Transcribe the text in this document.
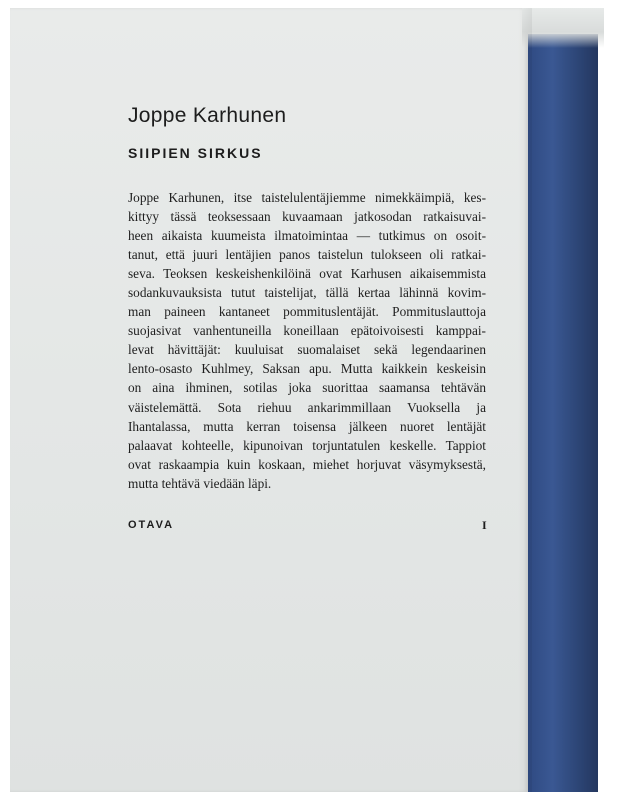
Joppe Karhunen
SIIPIEN SIRKUS
Joppe Karhunen, itse taistelulentäjiemme nimekkäimpiä, kes-
kittyy tässä teoksessaan kuvaamaan jatkosodan ratkaisuvai-
heen aikaista kuumeista ilmatoimintaa — tutkimus on osoit-
tanut, että juuri lentäjien panos taistelun tulokseen oli ratkai-
seva. Teoksen keskeishenkilöinä ovat Karhusen aikaisemmista
sodankuvauksista tutut taistelijat, tällä kertaa lähinnä kovim-
man paineen kantaneet pommituslentäjät. Pommituslauttoja
suojasivat vanhentuneilla koneillaan epätoivoisesti kamppai-
levat hävittäjät: kuuluisat suomalaiset sekä legendaarinen
lento-osasto Kuhlmey, Saksan apu. Mutta kaikkein keskeisin
on aina ihminen, sotilas joka suorittaa saamansa tehtävän
väistelemättä. Sota riehuu ankarimmillaan Vuoksella ja
Ihantalassa, mutta kerran toisensa jälkeen nuoret lentäjät
palaavat kohteelle, kipunoivan torjuntatulen keskelle. Tappiot
ovat raskaampia kuin koskaan, miehet horjuvat väsymyksestä,
mutta tehtävä viedään läpi.
OTAVA	I
